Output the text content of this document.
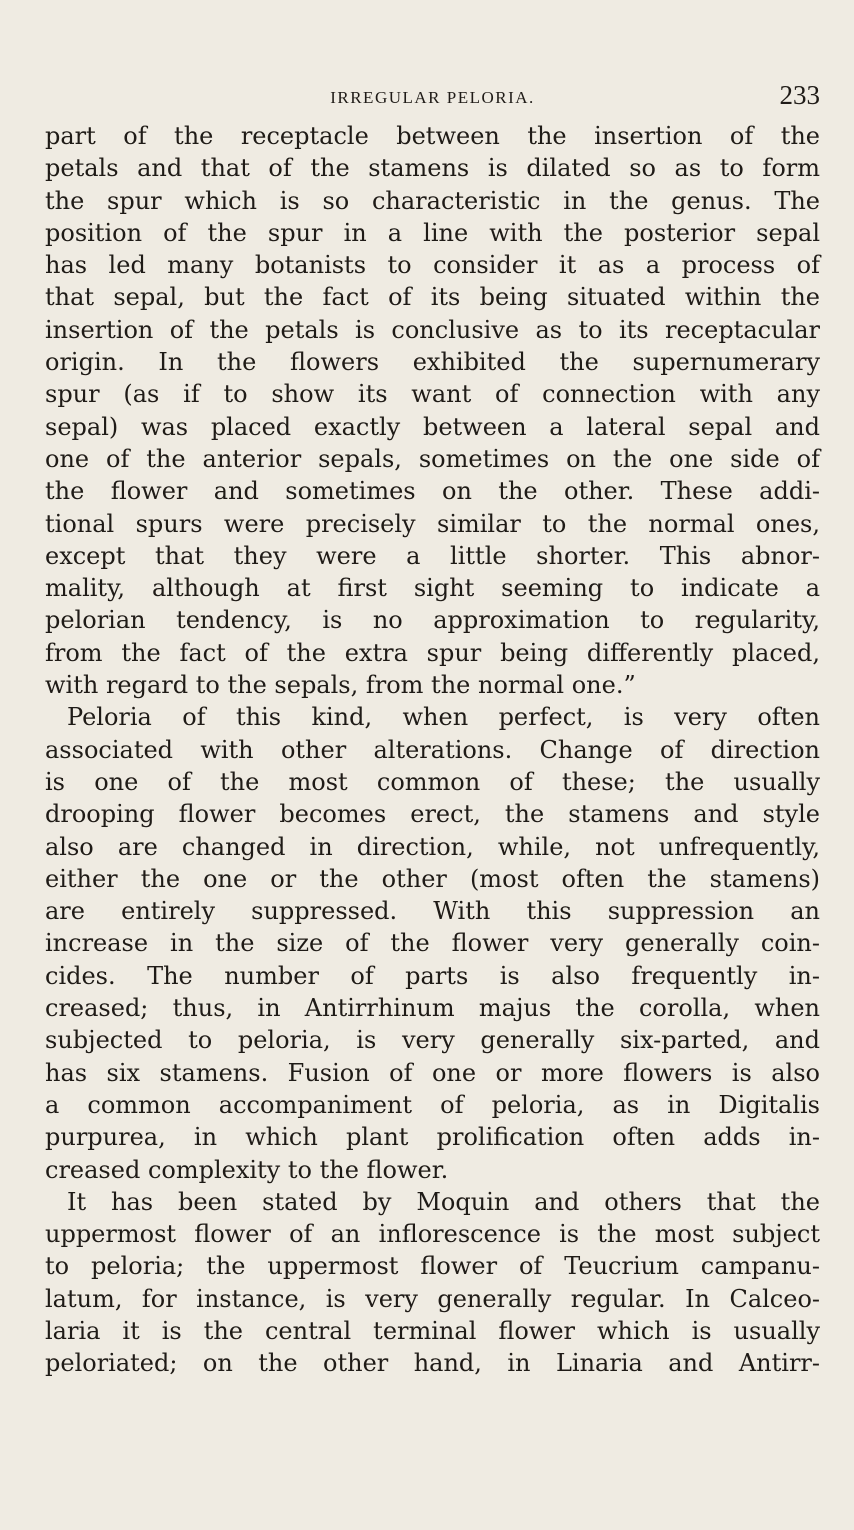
IRREGULAR PELORIA.	233
part of the receptacle between the insertion of the
petals and that of the stamens is dilated so as to form
the spur which is so characteristic in the genus. The
position of the spur in a line with the posterior sepal
has led many botanists to consider it as a process of
that sepal, but the fact of its being situated within the
insertion of the petals is conclusive as to its receptacular
origin. In the flowers exhibited the supernumerary
spur (as if to show its want of connection with any
sepal) was placed exactly between a lateral sepal and
one of the anterior sepals, sometimes on the one side of
the flower and sometimes on the other. These addi-
tional spurs were precisely similar to the normal ones,
except that they were a little shorter. This abnor-
mality, although at first sight seeming to indicate a
pelorian tendency, is no approximation to regularity,
from the fact of the extra spur being differently placed,
with regard to the sepals, from the normal one.”
Peloria of this kind, when perfect, is very often
associated with other alterations. Change of direction
is one of the most common of these; the usually
drooping flower becomes erect, the stamens and style
also are changed in direction, while, not unfrequently,
either the one or the other (most often the stamens)
are entirely suppressed. With this suppression an
increase in the size of the flower very generally coin-
cides. The number of parts is also frequently in-
creased; thus, in Antirrhinum majus the corolla, when
subjected to peloria, is very generally six-parted, and
has six stamens. Fusion of one or more flowers is also
a common accompaniment of peloria, as in Digitalis
purpurea, in which plant prolification often adds in-
creased complexity to the flower.
It has been stated by Moquin and others that the
uppermost flower of an inflorescence is the most subject
to peloria; the uppermost flower of Teucrium campanu-
latum, for instance, is very generally regular. In Calceo-
laria it is the central terminal flower which is usually
peloriated; on the other hand, in Linaria and Antirr-
